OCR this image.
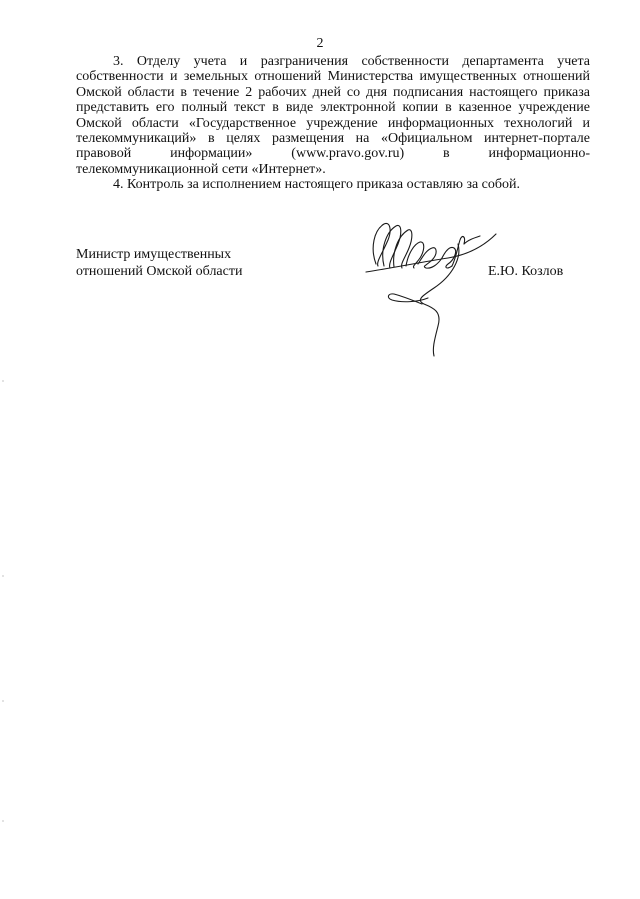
2

3. Отделу учета и разграничения собственности департамента учета собственности и земельных отношений Министерства имущественных отношений Омской области в течение 2 рабочих дней со дня подписания настоящего приказа представить его полный текст в виде электронной копии в казенное учреждение Омской области «Государственное учреждение информационных технологий и телекоммуникаций» в целях размещения на «Официальном интернет-портале правовой информации» (www.pravo.gov.ru) в информационно-телекоммуникационной сети «Интернет».

4. Контроль за исполнением настоящего приказа оставляю за собой.

Министр имущественных
отношений Омской области	Е.Ю. Козлов
